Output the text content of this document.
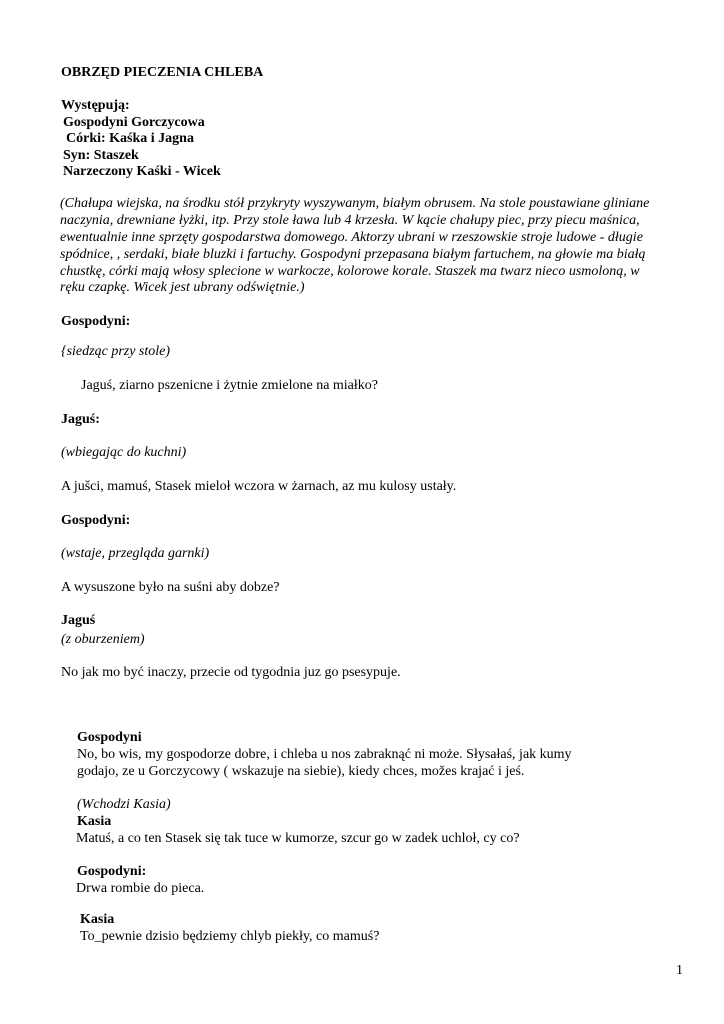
OBRZĘD PIECZENIA CHLEBA
Występują:
Gospodyni Gorczycowa
Córki: Kaśka i Jagna
Syn: Staszek
Narzeczony Kaśki - Wicek
(Chałupa wiejska, na środku stół przykryty wyszywanym, białym obrusem. Na stole poustawiane gliniane
naczynia, drewniane łyżki, itp. Przy stole ława lub 4 krzesła. W kącie chałupy piec, przy piecu maśnica,
ewentualnie inne sprzęty gospodarstwa domowego. Aktorzy ubrani w rzeszowskie stroje ludowe - długie
spódnice, , serdaki, białe bluzki i fartuchy. Gospodyni przepasana białym fartuchem, na głowie ma białą
chustkę, córki mają włosy splecione w warkocze, kolorowe korale. Staszek ma twarz nieco usmoloną, w
ręku czapkę. Wicek jest ubrany odświętnie.)
Gospodyni:
{siedząc przy stole)
Jaguś, ziarno pszenicne i żytnie zmielone na miałko?
Jaguś:
(wbiegając do kuchni)
A jušci, mamuś, Stasek mieloł wczora w żarnach, az mu kulosy ustały.
Gospodyni:
(wstaje, przegląda garnki)
A wysuszone było na suśni aby dobze?
Jaguś
(z oburzeniem)
No jak mo być inaczy, przecie od tygodnia juz go psesypuje.
Gospodyni
No, bo wis, my gospodorze dobre, i chleba u nos zabraknąć ni może. Słysałaś, jak kumy
godajo, ze u Gorczycowy ( wskazuje na siebie), kiedy chces, možes krajać i jeś.
(Wchodzi Kasia)
Kasia
Matuś, a co ten Stasek się tak tuce w kumorze, szcur go w zadek uchloł, cy co?
Gospodyni:
Drwa rombie do pieca.
Kasia
To_pewnie dzisio będziemy chlyb piekły, co mamuś?
1
